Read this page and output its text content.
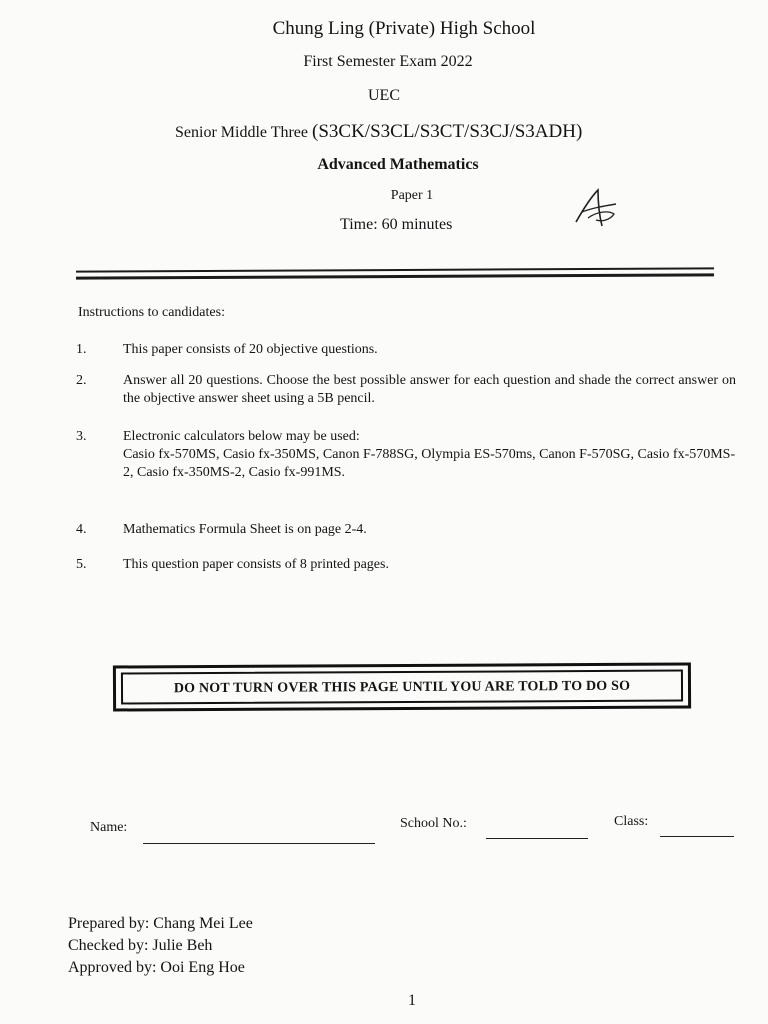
Chung Ling (Private) High School
First Semester Exam 2022
UEC
Senior Middle Three (S3CK/S3CL/S3CT/S3CJ/S3ADH)
Advanced Mathematics
Paper 1
Time: 60 minutes
Instructions to candidates:
1.	This paper consists of 20 objective questions.
2.	Answer all 20 questions. Choose the best possible answer for each question and shade the correct answer on the objective answer sheet using a 5B pencil.
3.	Electronic calculators below may be used:
Casio fx-570MS, Casio fx-350MS, Canon F-788SG, Olympia ES-570ms, Canon F-570SG, Casio fx-570MS-2, Casio fx-350MS-2, Casio fx-991MS.
4.	Mathematics Formula Sheet is on page 2-4.
5.	This question paper consists of 8 printed pages.
DO NOT TURN OVER THIS PAGE UNTIL YOU ARE TOLD TO DO SO
Name:	School No.:	Class:
Prepared by: Chang Mei Lee
Checked by: Julie Beh
Approved by: Ooi Eng Hoe
1
